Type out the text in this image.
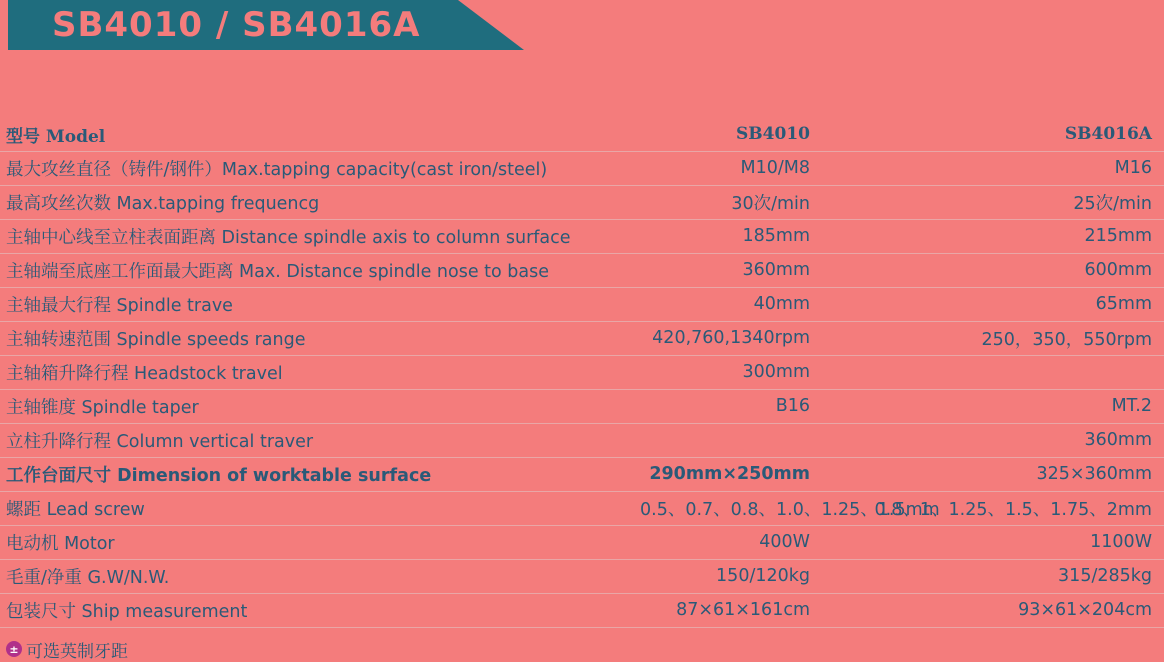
SB4010 / SB4016A
型号 Model	SB4010	SB4016A
最大攻丝直径（铸件/钢件）Max.tapping capacity(cast iron/steel)	M10/M8	M16
最高攻丝次数 Max.tapping frequencg	30次/min	25次/min
主轴中心线至立柱表面距离 Distance spindle axis to column surface	185mm	215mm
主轴端至底座工作面最大距离 Max. Distance spindle nose to base	360mm	600mm
主轴最大行程 Spindle trave	40mm	65mm
主轴转速范围 Spindle speeds range	420,760,1340rpm	250，350，550rpm
主轴箱升降行程 Headstock travel	300mm	
主轴锥度 Spindle taper	B16	MT.2
立柱升降行程 Column vertical traver		360mm
工作台面尺寸 Dimension of worktable surface	290mm×250mm	325×360mm
螺距 Lead screw	0.5、0.7、0.8、1.0、1.25、1.5mm	0.8、1、1.25、1.5、1.75、2mm
电动机 Motor	400W	1100W
毛重/净重 G.W/N.W.	150/120kg	315/285kg
包装尺寸 Ship measurement	87×61×161cm	93×61×204cm
± 可选英制牙距
